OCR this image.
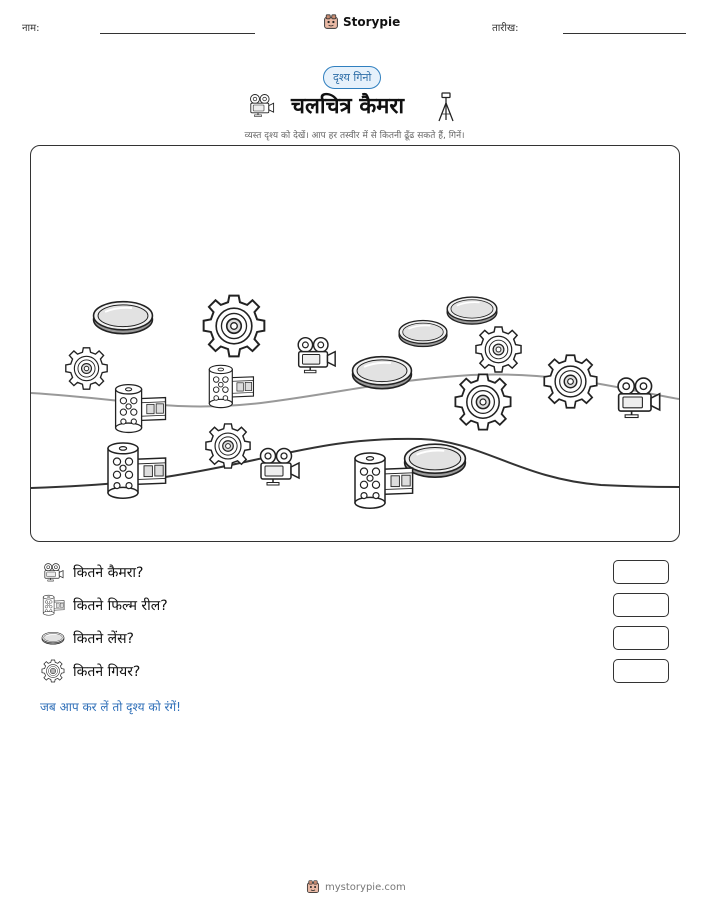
नाम:	Storypie	तारीख:
दृश्य गिनो
चलचित्र कैमरा
व्यस्त दृश्य को देखें। आप हर तस्वीर में से कितनी ढूँढ सकते हैं, गिनें।
कितने कैमरा?
कितने फिल्म रील?
कितने लेंस?
कितने गियर?
जब आप कर लें तो दृश्य को रंगें!
mystorypie.com
